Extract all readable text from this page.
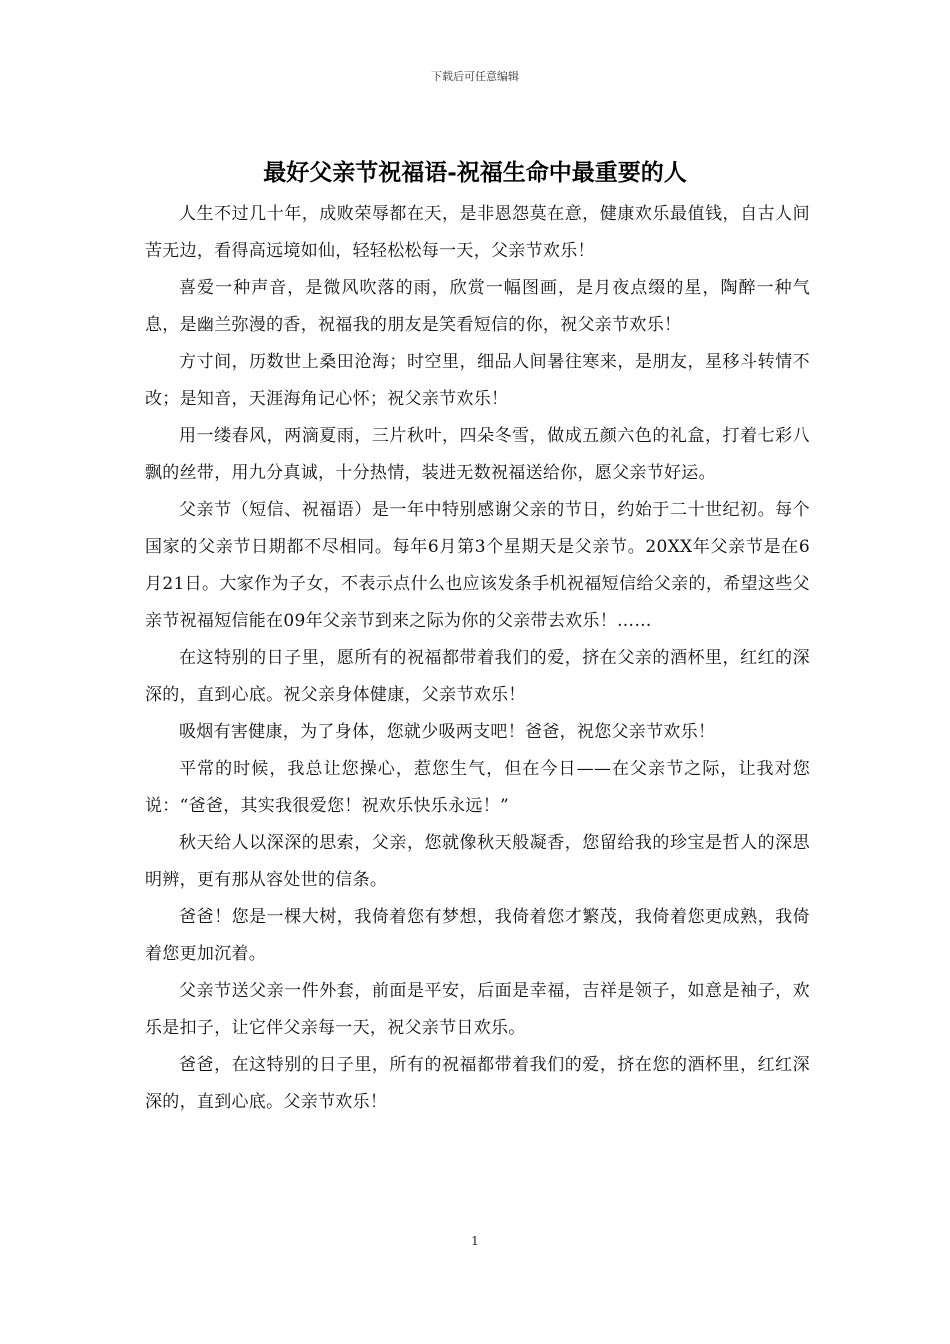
下载后可任意编辑
最好父亲节祝福语-祝福生命中最重要的人

人生不过几十年，成败荣辱都在天，是非恩怨莫在意，健康欢乐最值钱，自古人间苦无边，看得高远境如仙，轻轻松松每一天，父亲节欢乐！

喜爱一种声音，是微风吹落的雨，欣赏一幅图画，是月夜点缀的星，陶醉一种气息，是幽兰弥漫的香，祝福我的朋友是笑看短信的你，祝父亲节欢乐！

方寸间，历数世上桑田沧海；时空里，细品人间暑往寒来，是朋友，星移斗转情不改；是知音，天涯海角记心怀；祝父亲节欢乐！

用一缕春风，两滴夏雨，三片秋叶，四朵冬雪，做成五颜六色的礼盒，打着七彩八飘的丝带，用九分真诚，十分热情，装进无数祝福送给你，愿父亲节好运。

父亲节（短信、祝福语）是一年中特别感谢父亲的节日，约始于二十世纪初。每个国家的父亲节日期都不尽相同。每年6月第3个星期天是父亲节。20XX年父亲节是在6月21日。大家作为子女，不表示点什么也应该发条手机祝福短信给父亲的，希望这些父亲节祝福短信能在09年父亲节到来之际为你的父亲带去欢乐！……

在这特别的日子里，愿所有的祝福都带着我们的爱，挤在父亲的酒杯里，红红的深深的，直到心底。祝父亲身体健康，父亲节欢乐！

吸烟有害健康，为了身体，您就少吸两支吧！爸爸，祝您父亲节欢乐！

平常的时候，我总让您操心，惹您生气，但在今日——在父亲节之际，让我对您说：“爸爸，其实我很爱您！祝欢乐快乐永远！”

秋天给人以深深的思索，父亲，您就像秋天般凝香，您留给我的珍宝是哲人的深思明辨，更有那从容处世的信条。

爸爸！您是一棵大树，我倚着您有梦想，我倚着您才繁茂，我倚着您更成熟，我倚着您更加沉着。

父亲节送父亲一件外套，前面是平安，后面是幸福，吉祥是领子，如意是袖子，欢乐是扣子，让它伴父亲每一天，祝父亲节日欢乐。

爸爸，在这特别的日子里，所有的祝福都带着我们的爱，挤在您的酒杯里，红红深深的，直到心底。父亲节欢乐！

1
